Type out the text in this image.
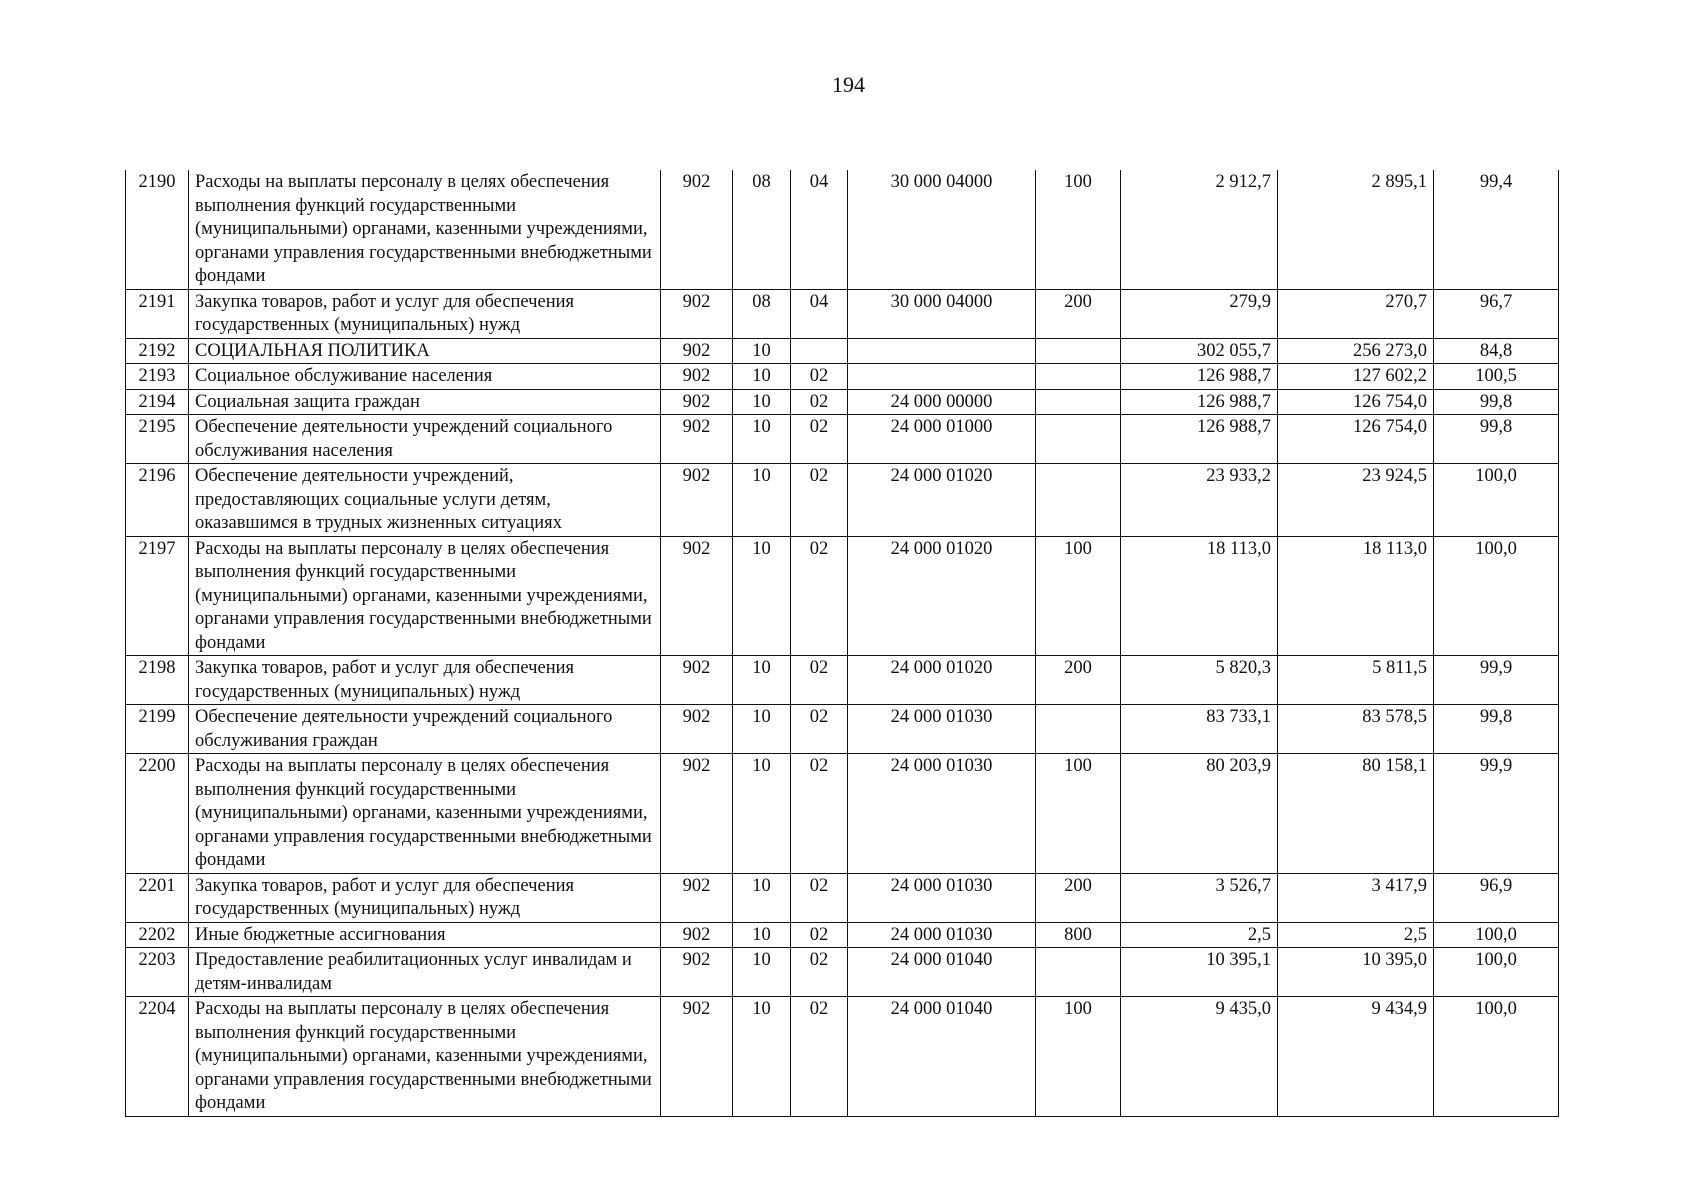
194
2190	Расходы на выплаты персоналу в целях обеспечения выполнения функций государственными (муниципальными) органами, казенными учреждениями, органами управления государственными внебюджетными фондами	902	08	04	30 000 04000	100	2 912,7	2 895,1	99,4
2191	Закупка товаров, работ и услуг для обеспечения государственных (муниципальных) нужд	902	08	04	30 000 04000	200	279,9	270,7	96,7
2192	СОЦИАЛЬНАЯ ПОЛИТИКА	902	10				302 055,7	256 273,0	84,8
2193	Социальное обслуживание населения	902	10	02			126 988,7	127 602,2	100,5
2194	Социальная защита граждан	902	10	02	24 000 00000		126 988,7	126 754,0	99,8
2195	Обеспечение деятельности учреждений социального обслуживания населения	902	10	02	24 000 01000		126 988,7	126 754,0	99,8
2196	Обеспечение деятельности учреждений, предоставляющих социальные услуги детям, оказавшимся в трудных жизненных ситуациях	902	10	02	24 000 01020		23 933,2	23 924,5	100,0
2197	Расходы на выплаты персоналу в целях обеспечения выполнения функций государственными (муниципальными) органами, казенными учреждениями, органами управления государственными внебюджетными фондами	902	10	02	24 000 01020	100	18 113,0	18 113,0	100,0
2198	Закупка товаров, работ и услуг для обеспечения государственных (муниципальных) нужд	902	10	02	24 000 01020	200	5 820,3	5 811,5	99,9
2199	Обеспечение деятельности учреждений социального обслуживания граждан	902	10	02	24 000 01030		83 733,1	83 578,5	99,8
2200	Расходы на выплаты персоналу в целях обеспечения выполнения функций государственными (муниципальными) органами, казенными учреждениями, органами управления государственными внебюджетными фондами	902	10	02	24 000 01030	100	80 203,9	80 158,1	99,9
2201	Закупка товаров, работ и услуг для обеспечения государственных (муниципальных) нужд	902	10	02	24 000 01030	200	3 526,7	3 417,9	96,9
2202	Иные бюджетные ассигнования	902	10	02	24 000 01030	800	2,5	2,5	100,0
2203	Предоставление реабилитационных услуг инвалидам и детям-инвалидам	902	10	02	24 000 01040		10 395,1	10 395,0	100,0
2204	Расходы на выплаты персоналу в целях обеспечения выполнения функций государственными (муниципальными) органами, казенными учреждениями, органами управления государственными внебюджетными фондами	902	10	02	24 000 01040	100	9 435,0	9 434,9	100,0
